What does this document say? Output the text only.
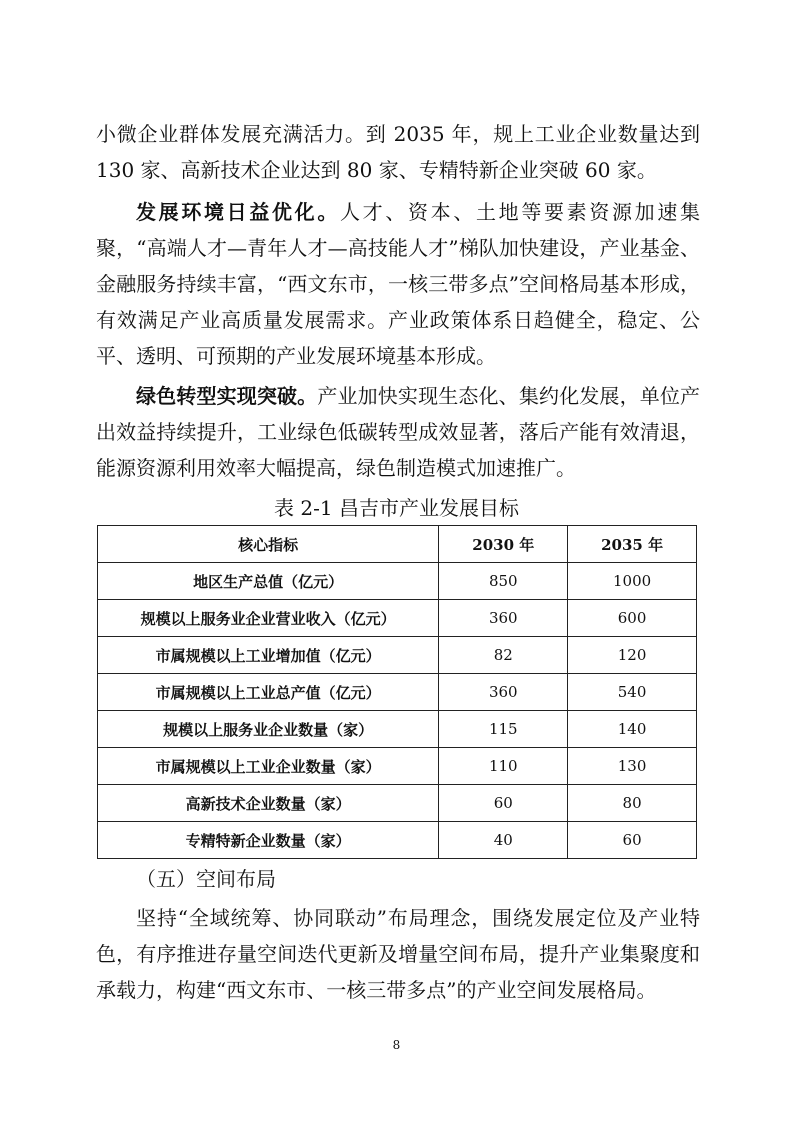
小微企业群体发展充满活力。到 2035 年，规上工业企业数量达到 130 家、高新技术企业达到 80 家、专精特新企业突破 60 家。

发展环境日益优化。人才、资本、土地等要素资源加速集聚，“高端人才—青年人才—高技能人才”梯队加快建设，产业基金、金融服务持续丰富，“西文东市，一核三带多点”空间格局基本形成，有效满足产业高质量发展需求。产业政策体系日趋健全，稳定、公平、透明、可预期的产业发展环境基本形成。

绿色转型实现突破。产业加快实现生态化、集约化发展，单位产出效益持续提升，工业绿色低碳转型成效显著，落后产能有效清退，能源资源利用效率大幅提高，绿色制造模式加速推广。

表 2-1 昌吉市产业发展目标
核心指标	2030 年	2035 年
地区生产总值（亿元）	850	1000
规模以上服务业企业营业收入（亿元）	360	600
市属规模以上工业增加值（亿元）	82	120
市属规模以上工业总产值（亿元）	360	540
规模以上服务业企业数量（家）	115	140
市属规模以上工业企业数量（家）	110	130
高新技术企业数量（家）	60	80
专精特新企业数量（家）	40	60
（五）空间布局

坚持“全域统筹、协同联动”布局理念，围绕发展定位及产业特色，有序推进存量空间迭代更新及增量空间布局，提升产业集聚度和承载力，构建“西文东市、一核三带多点”的产业空间发展格局。

8
